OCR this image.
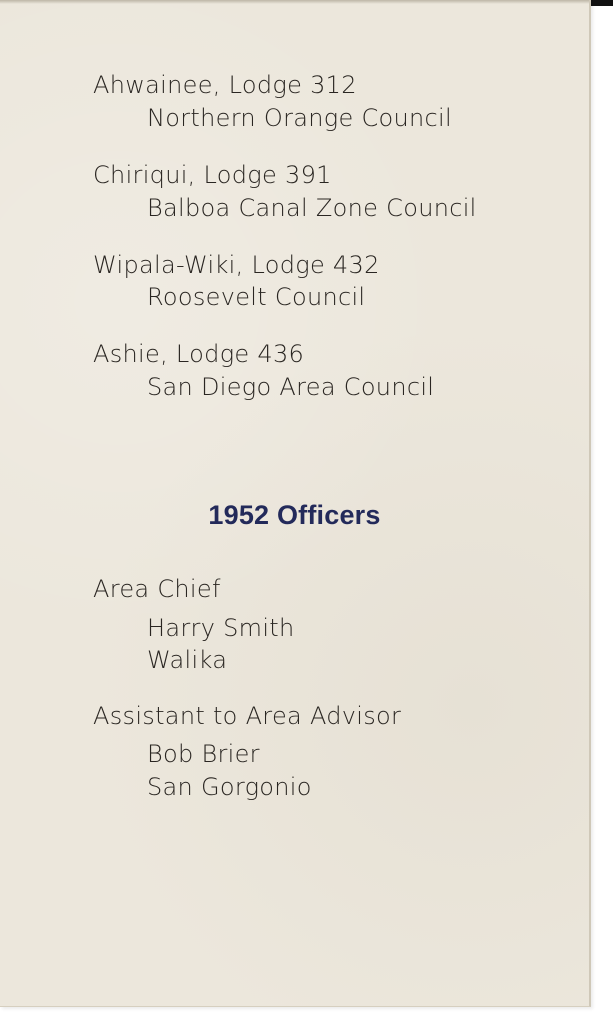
Ahwainee, Lodge 312
Northern Orange Council
Chiriqui, Lodge 391
Balboa Canal Zone Council
Wipala-Wiki, Lodge 432
Roosevelt Council
Ashie, Lodge 436
San Diego Area Council
1952 Officers
Area Chief
Harry Smith
Walika
Assistant to Area Advisor
Bob Brier
San Gorgonio
